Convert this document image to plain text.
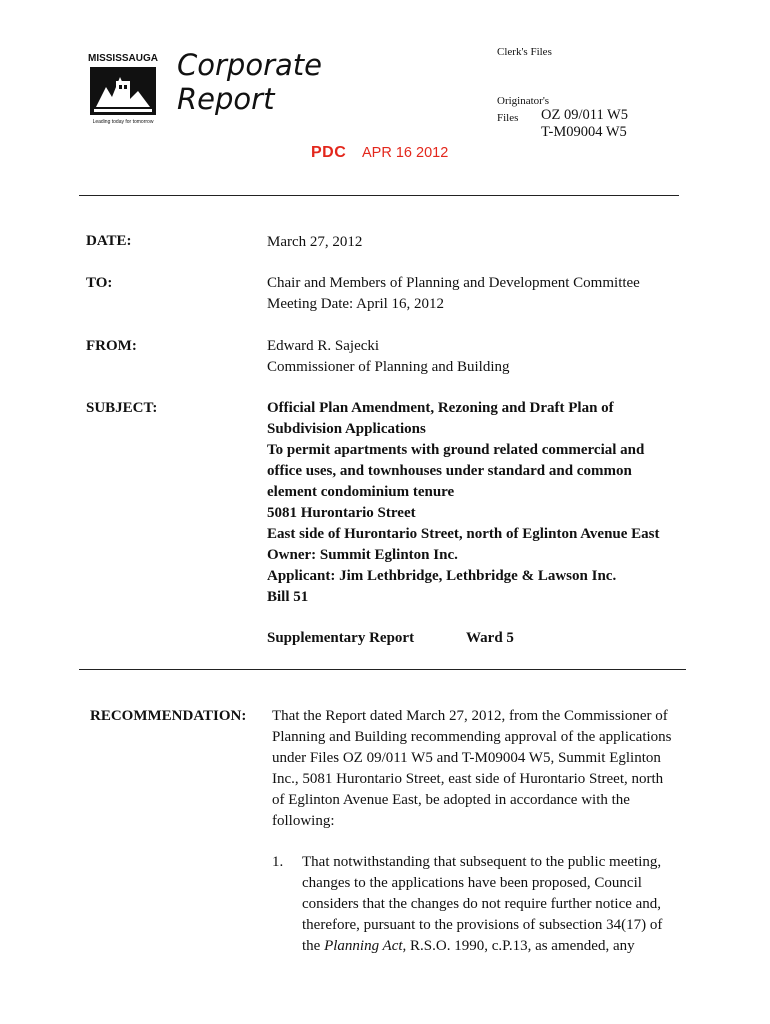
MISSISSAUGA
Leading today for tomorrow
Corporate
Report
Clerk's Files
Originator's
Files OZ 09/011 W5
T-M09004 W5
PDC APR 16 2012
DATE:	March 27, 2012
TO:	Chair and Members of Planning and Development Committee
Meeting Date: April 16, 2012
FROM:	Edward R. Sajecki
Commissioner of Planning and Building
SUBJECT:	Official Plan Amendment, Rezoning and Draft Plan of
Subdivision Applications
To permit apartments with ground related commercial and
office uses, and townhouses under standard and common
element condominium tenure
5081 Hurontario Street
East side of Hurontario Street, north of Eglinton Avenue East
Owner: Summit Eglinton Inc.
Applicant: Jim Lethbridge, Lethbridge & Lawson Inc.
Bill 51
Supplementary Report	Ward 5
RECOMMENDATION: That the Report dated March 27, 2012, from the Commissioner of
Planning and Building recommending approval of the applications
under Files OZ 09/011 W5 and T-M09004 W5, Summit Eglinton
Inc., 5081 Hurontario Street, east side of Hurontario Street, north
of Eglinton Avenue East, be adopted in accordance with the
following:
1. That notwithstanding that subsequent to the public meeting,
changes to the applications have been proposed, Council
considers that the changes do not require further notice and,
therefore, pursuant to the provisions of subsection 34(17) of
the Planning Act, R.S.O. 1990, c.P.13, as amended, any
